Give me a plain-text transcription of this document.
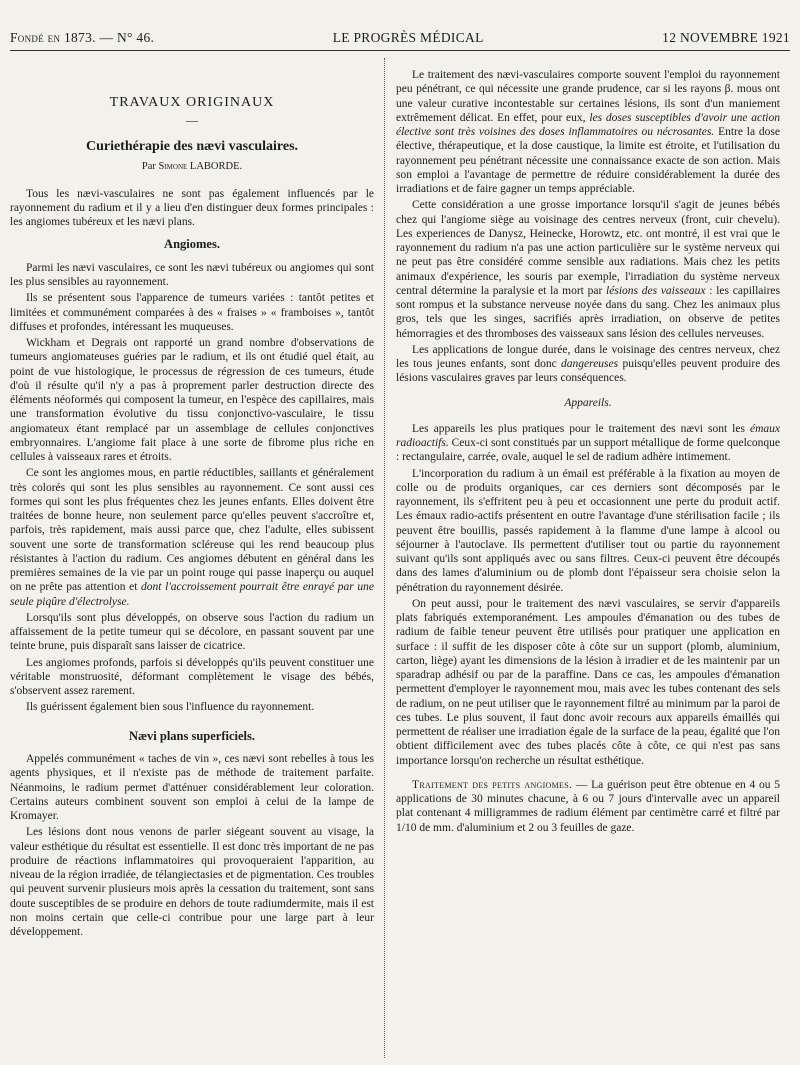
Fondé en 1873. — N° 46.	LE PROGRÈS MÉDICAL	12 NOVEMBRE 1921
TRAVAUX ORIGINAUX
—
Curiethérapie des nævi vasculaires.
Par Simone LABORDE.

Tous les nævi-vasculaires ne sont pas également influencés par le rayonnement du radium et il y a lieu d'en distinguer deux formes principales : les angiomes tubéreux et les nævi plans.

Angiomes.

Parmi les nævi vasculaires, ce sont les nævi tubéreux ou angiomes qui sont les plus sensibles au rayonnement.

Ils se présentent sous l'apparence de tumeurs variées : tantôt petites et limitées et communément comparées à des « fraises » « framboises », tantôt diffuses et profondes, intéressant les muqueuses.

Wickham et Degrais ont rapporté un grand nombre d'observations de tumeurs angiomateuses guéries par le radium, et ils ont étudié quel était, au point de vue histologique, le processus de régression de ces tumeurs, étude d'où il résulte qu'il n'y a pas à proprement parler destruction directe des éléments néoformés qui composent la tumeur, en l'espèce des capillaires, mais une transformation évolutive du tissu conjonctivo-vasculaire, le tissu angiomateux étant remplacé par un assemblage de cellules conjonctives embryonnaires. L'angiome fait place à une sorte de fibrome plus riche en cellules à vaisseaux rares et étroits.

Ce sont les angiomes mous, en partie réductibles, saillants et généralement très colorés qui sont les plus sensibles au rayonnement. Ce sont aussi ces formes qui sont les plus fréquentes chez les jeunes enfants. Elles doivent être traitées de bonne heure, non seulement parce qu'elles peuvent s'accroître et, parfois, très rapidement, mais aussi parce que, chez l'adulte, elles subissent souvent une sorte de transformation scléreuse qui les rend beaucoup plus résistantes à l'action du radium. Ces angiomes débutent en général dans les premières semaines de la vie par un point rouge qui passe inaperçu ou auquel on ne prête pas attention et dont l'accroissement pourrait être enrayé par une seule piqûre d'électrolyse.

Lorsqu'ils sont plus développés, on observe sous l'action du radium un affaissement de la petite tumeur qui se décolore, en passant souvent par une teinte brune, puis disparaît sans laisser de cicatrice.

Les angiomes profonds, parfois si développés qu'ils peuvent constituer une véritable monstruosité, déformant complètement le visage des bébés, s'observent assez rarement.

Ils guérissent également bien sous l'influence du rayonnement.

Nævi plans superficiels.

Appelés communément « taches de vin », ces nævi sont rebelles à tous les agents physiques, et il n'existe pas de méthode de traitement parfaite. Néanmoins, le radium permet d'atténuer considérablement leur coloration. Certains auteurs combinent souvent son emploi à celui de la lampe de Kromayer.

Les lésions dont nous venons de parler siégeant souvent au visage, la valeur esthétique du résultat est essentielle. Il est donc très important de ne pas produire de réactions inflammatoires qui provoqueraient l'apparition, au niveau de la région irradiée, de télangiectasies et de pigmentation. Ces troubles qui peuvent survenir plusieurs mois après la cessation du traitement, sont sans doute susceptibles de se produire en dehors de toute radiumdermite, mais il est non moins certain que celle-ci contribue pour une large part à leur développement.

Le traitement des nævi-vasculaires comporte souvent l'emploi du rayonnement peu pénétrant, ce qui nécessite une grande prudence, car si les rayons β. mous ont une valeur curative incontestable sur certaines lésions, ils sont d'un maniement extrêmement délicat. En effet, pour eux, les doses susceptibles d'avoir une action élective sont très voisines des doses inflammatoires ou nécrosantes. Entre la dose élective, thérapeutique, et la dose caustique, la limite est étroite, et l'utilisation du rayonnement peu pénétrant nécessite une connaissance exacte de son action. Mais son emploi a l'avantage de permettre de réduire considérablement la durée des irradiations et de faire gagner un temps appréciable.

Cette considération a une grosse importance lorsqu'il s'agit de jeunes bébés chez qui l'angiome siège au voisinage des centres nerveux (front, cuir chevelu). Les experiences de Danysz, Heinecke, Horowtz, etc. ont montré, il est vrai que le rayonnement du radium n'a pas une action particulière sur le système nerveux qui ne peut pas être considéré comme sensible aux radiations. Mais chez les petits animaux d'expérience, les souris par exemple, l'irradiation du système nerveux central détermine la paralysie et la mort par lésions des vaisseaux : les capillaires sont rompus et la substance nerveuse noyée dans du sang. Chez les animaux plus gros, tels que les singes, sacrifiés après irradiation, on observe de petites hémorragies et des thromboses des vaisseaux sans lésion des cellules nerveuses.

Les applications de longue durée, dans le voisinage des centres nerveux, chez les tous jeunes enfants, sont donc dangereuses puisqu'elles peuvent produire des lésions vasculaires graves par leurs conséquences.

Appareils.

Les appareils les plus pratiques pour le traitement des nævi sont les émaux radioactifs. Ceux-ci sont constitués par un support métallique de forme quelconque : rectangulaire, carrée, ovale, auquel le sel de radium adhère intimement.

L'incorporation du radium à un émail est préférable à la fixation au moyen de colle ou de produits organiques, car ces derniers sont décomposés par le rayonnement, ils s'effritent peu à peu et occasionnent une perte du produit actif. Les émaux radio-actifs présentent en outre l'avantage d'une stérilisation facile ; ils peuvent être bouillis, passés rapidement à la flamme d'une lampe à alcool ou séjourner à l'autoclave. Ils permettent d'utiliser tout ou partie du rayonnement suivant qu'ils sont appliqués avec ou sans filtres. Ceux-ci peuvent être découpés dans des lames d'aluminium ou de plomb dont l'épaisseur sera choisie selon la pénétration du rayonnement désirée.

On peut aussi, pour le traitement des nævi vasculaires, se servir d'appareils plats fabriqués extemporanément. Les ampoules d'émanation ou des tubes de radium de faible teneur peuvent être utilisés pour pratiquer une application en surface : il suffit de les disposer côte à côte sur un support (plomb, aluminium, carton, liège) ayant les dimensions de la lésion à irradier et de les maintenir par un sparadrap adhésif ou par de la paraffine. Dans ce cas, les ampoules d'émanation permettent d'employer le rayonnement mou, mais avec les tubes contenant des sels de radium, on ne peut utiliser que le rayonnement filtré au minimum par la paroi de ces tubes. Le plus souvent, il faut donc avoir recours aux appareils émaillés qui permettent de réaliser une irradiation égale de la surface de la peau, égalité que l'on obtient difficilement avec des tubes placés côte à côte, ce qui n'est pas sans importance lorsqu'on recherche un résultat esthétique.

Traitement des petits angiomes. — La guérison peut être obtenue en 4 ou 5 applications de 30 minutes chacune, à 6 ou 7 jours d'intervalle avec un appareil plat contenant 4 milligrammes de radium élément par centimètre carré et filtré par 1/10 de mm. d'aluminium et 2 ou 3 feuilles de gaze.
